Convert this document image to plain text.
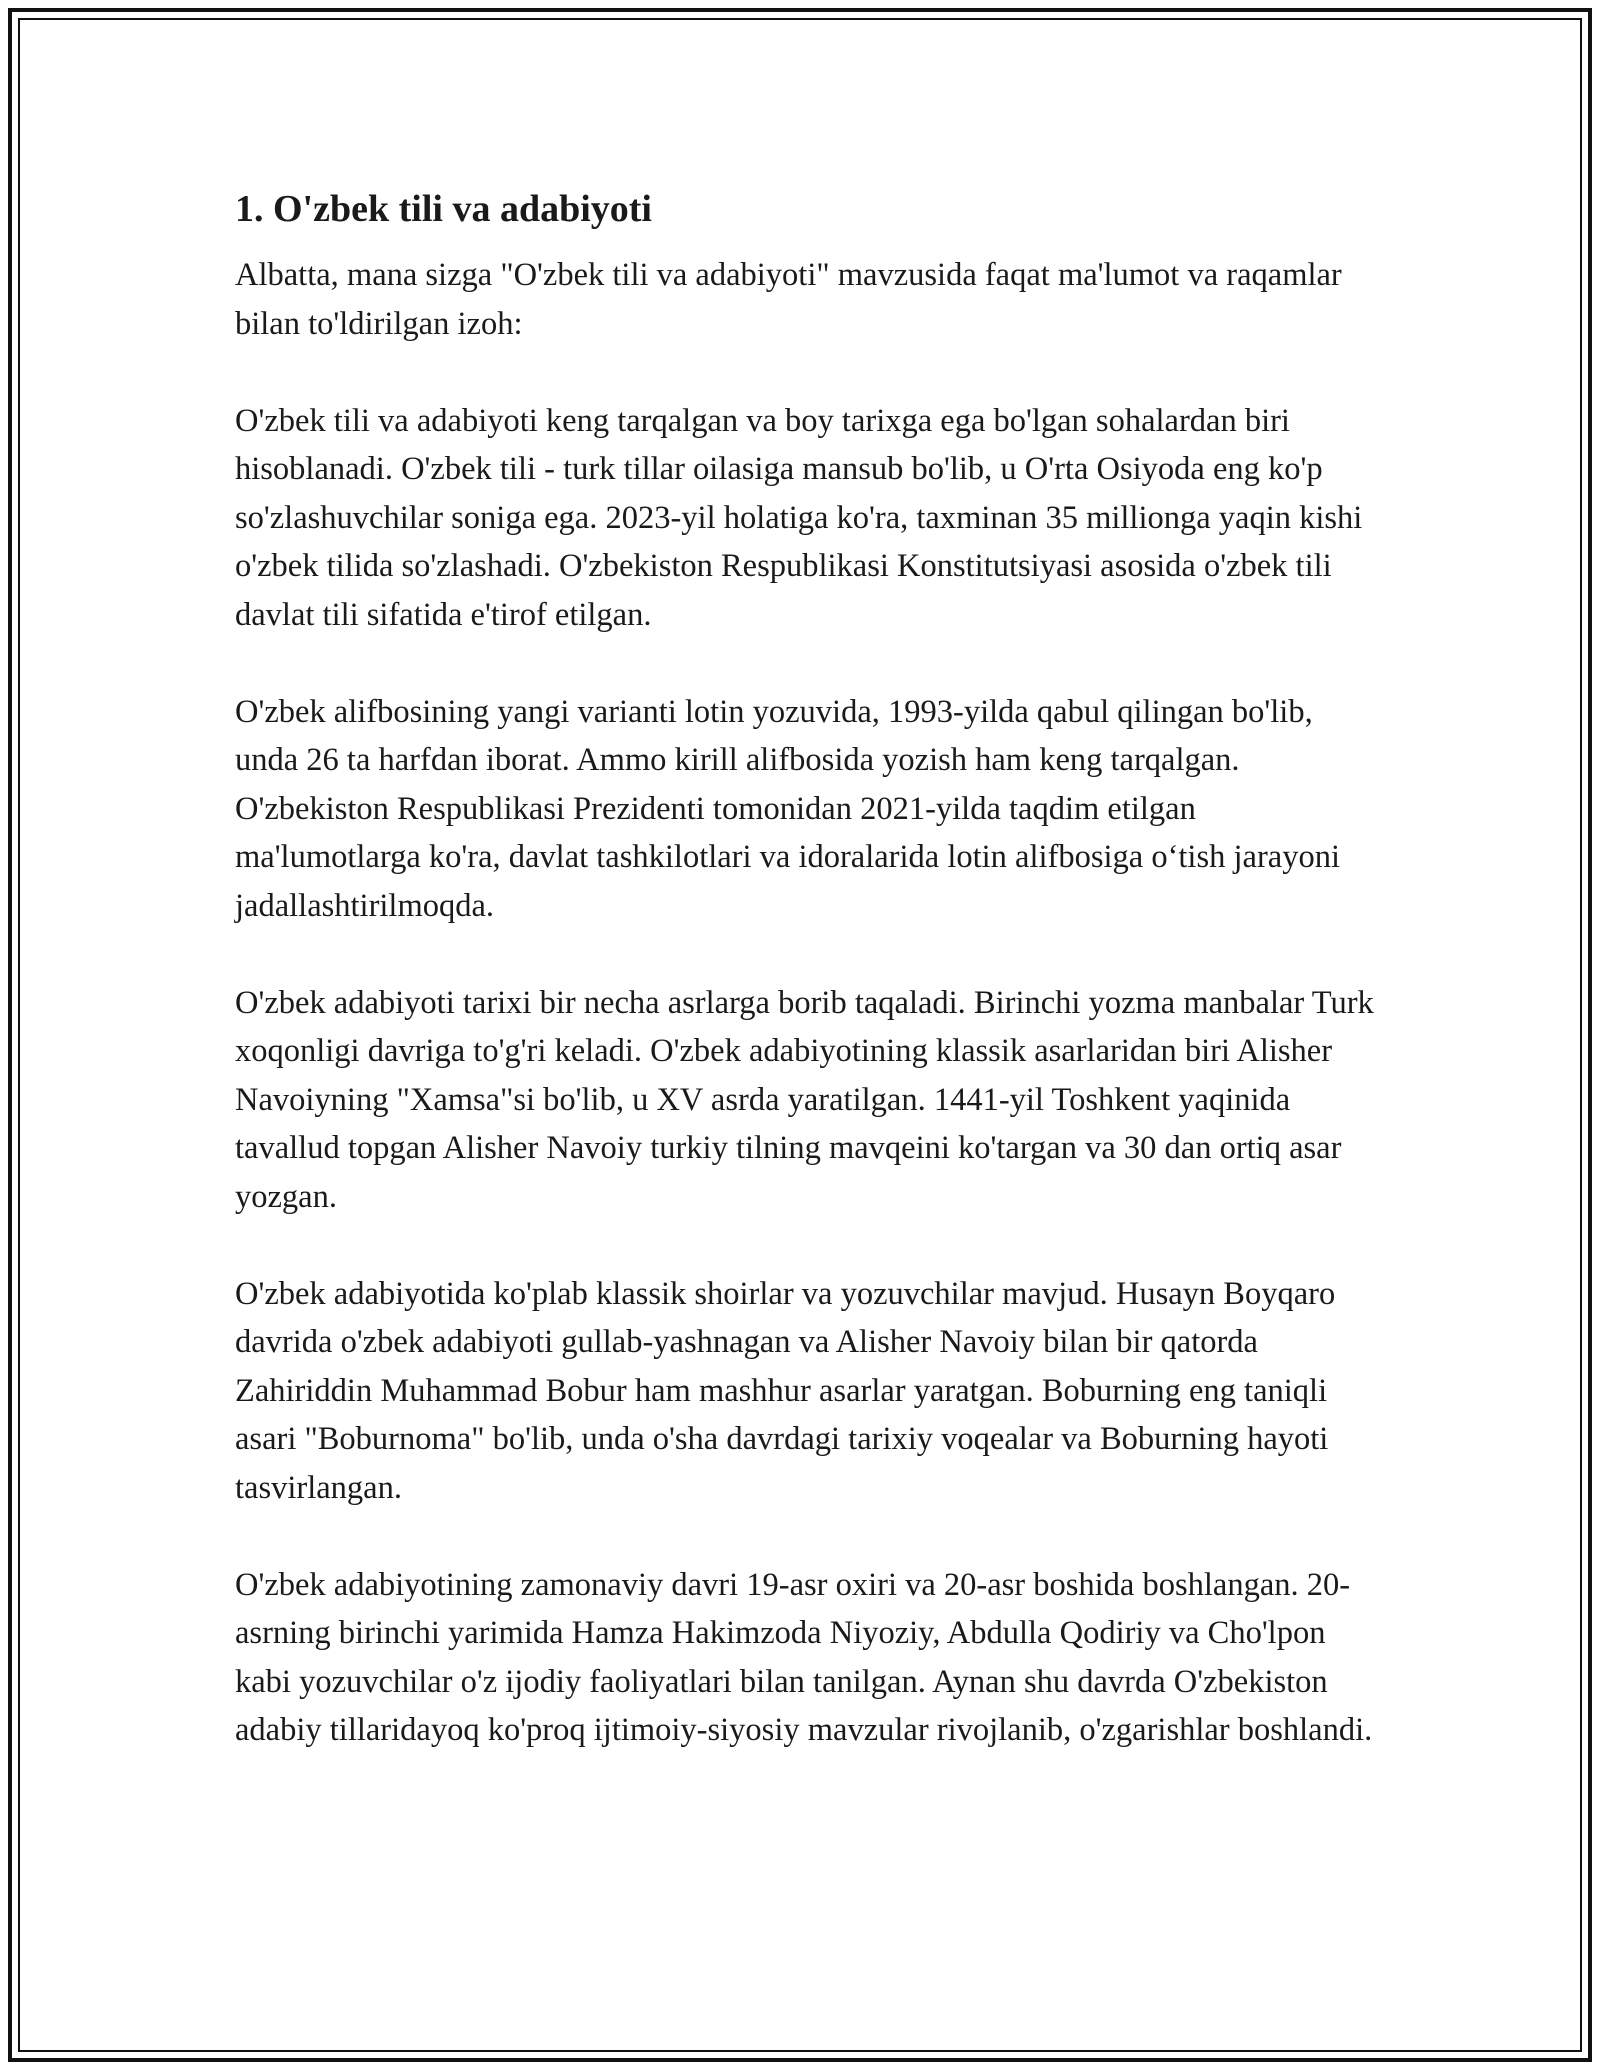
1. O'zbek tili va adabiyoti

Albatta, mana sizga "O'zbek tili va adabiyoti" mavzusida faqat ma'lumot va raqamlar bilan to'ldirilgan izoh:

O'zbek tili va adabiyoti keng tarqalgan va boy tarixga ega bo'lgan sohalardan biri hisoblanadi. O'zbek tili - turk tillar oilasiga mansub bo'lib, u O'rta Osiyoda eng ko'p so'zlashuvchilar soniga ega. 2023-yil holatiga ko'ra, taxminan 35 millionga yaqin kishi o'zbek tilida so'zlashadi. O'zbekiston Respublikasi Konstitutsiyasi asosida o'zbek tili davlat tili sifatida e'tirof etilgan.

O'zbek alifbosining yangi varianti lotin yozuvida, 1993-yilda qabul qilingan bo'lib, unda 26 ta harfdan iborat. Ammo kirill alifbosida yozish ham keng tarqalgan. O'zbekiston Respublikasi Prezidenti tomonidan 2021-yilda taqdim etilgan ma'lumotlarga ko'ra, davlat tashkilotlari va idoralarida lotin alifbosiga o‘tish jarayoni jadallashtirilmoqda.

O'zbek adabiyoti tarixi bir necha asrlarga borib taqaladi. Birinchi yozma manbalar Turk xoqonligi davriga to'g'ri keladi. O'zbek adabiyotining klassik asarlaridan biri Alisher Navoiyning "Xamsa"si bo'lib, u XV asrda yaratilgan. 1441-yil Toshkent yaqinida tavallud topgan Alisher Navoiy turkiy tilning mavqeini ko'targan va 30 dan ortiq asar yozgan.

O'zbek adabiyotida ko'plab klassik shoirlar va yozuvchilar mavjud. Husayn Boyqaro davrida o'zbek adabiyoti gullab-yashnagan va Alisher Navoiy bilan bir qatorda Zahiriddin Muhammad Bobur ham mashhur asarlar yaratgan. Boburning eng taniqli asari "Boburnoma" bo'lib, unda o'sha davrdagi tarixiy voqealar va Boburning hayoti tasvirlangan.

O'zbek adabiyotining zamonaviy davri 19-asr oxiri va 20-asr boshida boshlangan. 20-asrning birinchi yarimida Hamza Hakimzoda Niyoziy, Abdulla Qodiriy va Cho'lpon kabi yozuvchilar o'z ijodiy faoliyatlari bilan tanilgan. Aynan shu davrda O'zbekiston adabiy tillaridayoq ko'proq ijtimoiy-siyosiy mavzular rivojlanib, o'zgarishlar boshlandi.
